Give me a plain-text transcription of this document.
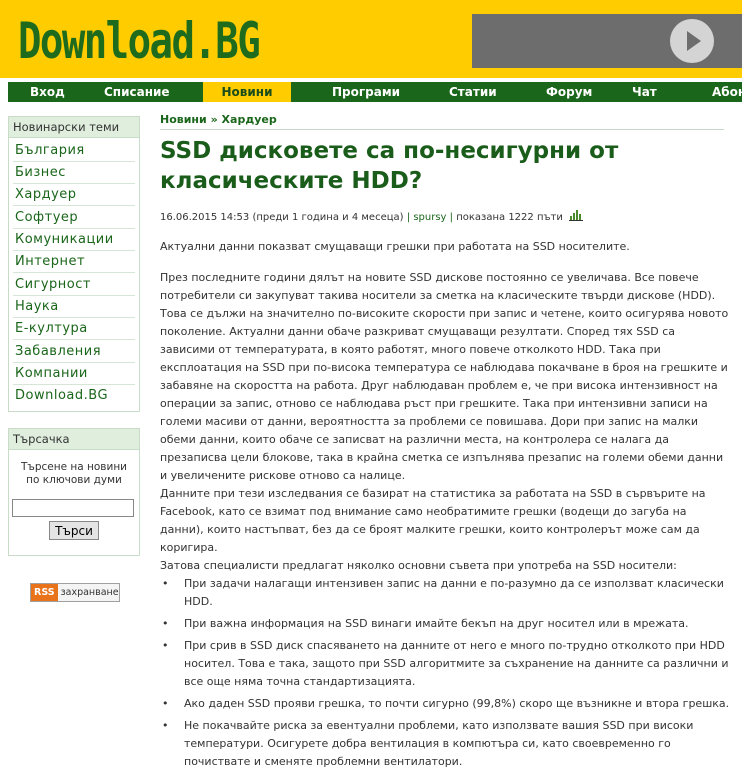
Download.BG
Вход	Списание	Новини	Програми	Статии	Форум	Чат	Абон
Новинарски теми
България
Бизнес
Хардуер
Софтуер
Комуникации
Интернет
Сигурност
Наука
Е-култура
Забавления
Компании
Download.BG
Търсачка
Търсене на новини по ключови думи
Търси
RSS захранване
Новини » Хардуер
SSD дисковете са по-несигурни от класическите HDD?
16.06.2015 14:53 (преди 1 година и 4 месеца) | spursy | показана 1222 пъти
Актуални данни показват смущаващи грешки при работата на SSD носителите.

През последните години дялът на новите SSD дискове постоянно се увеличава. Все повече потребители си закупуват такива носители за сметка на класическите твърди дискове (HDD). Това се дължи на значително по-високите скорости при запис и четене, които осигурява новото поколение. Актуални данни обаче разкриват смущаващи резултати. Според тях SSD са зависими от температурата, в която работят, много повече отколкото HDD. Така при експлоатация на SSD при по-висока температура се наблюдава покачване в броя на грешките и забавяне на скоростта на работа. Друг наблюдаван проблем е, че при висока интензивност на операции за запис, отново се наблюдава ръст при грешките. Така при интензивни записи на големи масиви от данни, вероятността за проблеми се повишава. Дори при запис на малки обеми данни, които обаче се записват на различни места, на контролера се налага да презаписва цели блокове, така в крайна сметка се изпълнява презапис на големи обеми данни и увеличените рискове отново са налице.

Данните при тези изследвания се базират на статистика за работата на SSD в сървърите на Facebook, като се взимат под внимание само необратимите грешки (водещи до загуба на данни), които настъпват, без да се броят малките грешки, които контролерът може сам да коригира.

Затова специалисти предлагат няколко основни съвета при употреба на SSD носители:

• При задачи налагащи интензивен запис на данни е по-разумно да се използват класически HDD.
• При важна информация на SSD винаги имайте бекъп на друг носител или в мрежата.
• При срив в SSD диск спасяването на данните от него е много по-трудно отколкото при HDD носител. Това е така, защото при SSD алгоритмите за съхранение на данните са различни и все още няма точна стандартизацията.
• Ако даден SSD прояви грешка, то почти сигурно (99,8%) скоро ще възникне и втора грешка.
• Не покачвайте риска за евентуални проблеми, като използвате вашия SSD при високи температури. Осигурете добра вентилация в компютъра си, като своевременно го почиствате и сменяте проблемни вентилатори.
